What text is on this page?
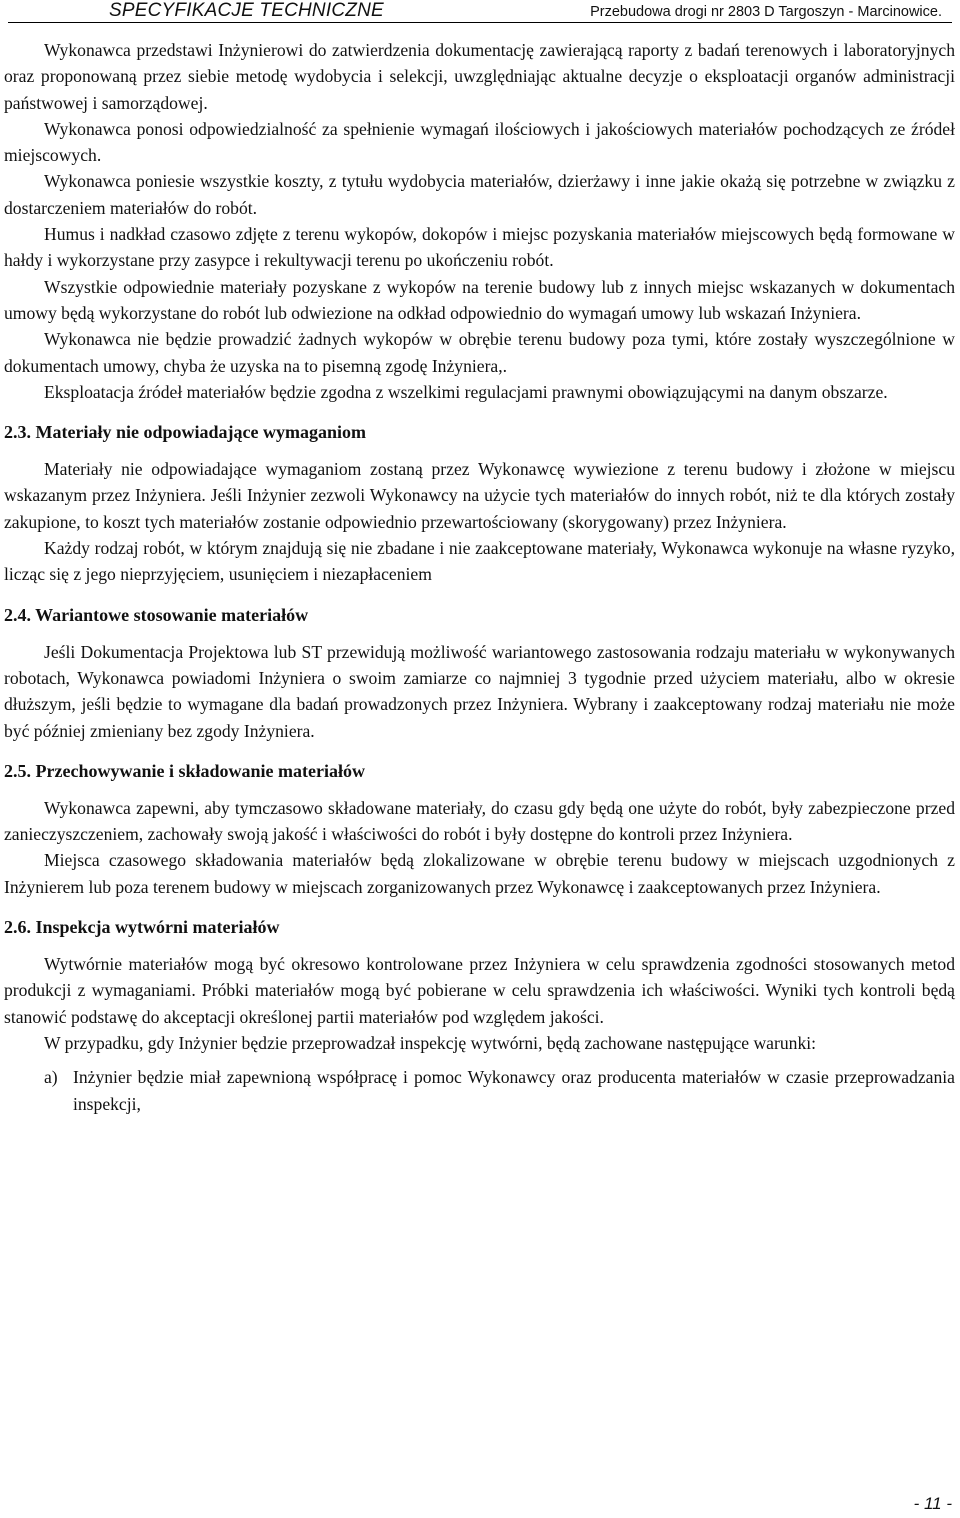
SPECYFIKACJE TECHNICZNE	Przebudowa drogi nr 2803 D Targoszyn - Marcinowice.

Wykonawca przedstawi Inżynierowi do zatwierdzenia dokumentację zawierającą raporty z badań terenowych i laboratoryjnych oraz proponowaną przez siebie metodę wydobycia i selekcji, uwzględniając aktualne decyzje o eksploatacji organów administracji państwowej i samorządowej.

Wykonawca ponosi odpowiedzialność za spełnienie wymagań ilościowych i jakościowych materiałów pochodzących ze źródeł miejscowych.

Wykonawca poniesie wszystkie koszty, z tytułu wydobycia materiałów, dzierżawy i inne jakie okażą się potrzebne w związku z dostarczeniem materiałów do robót.

Humus i nadkład czasowo zdjęte z terenu wykopów, dokopów i miejsc pozyskania materiałów miejscowych będą formowane w hałdy i wykorzystane przy zasypce i rekultywacji terenu po ukończeniu robót.

Wszystkie odpowiednie materiały pozyskane z wykopów na terenie budowy lub z innych miejsc wskazanych w dokumentach umowy będą wykorzystane do robót lub odwiezione na odkład odpowiednio do wymagań umowy lub wskazań Inżyniera.

Wykonawca nie będzie prowadzić żadnych wykopów w obrębie terenu budowy poza tymi, które zostały wyszczególnione w dokumentach umowy, chyba że uzyska na to pisemną zgodę Inżyniera,.

Eksploatacja źródeł materiałów będzie zgodna z wszelkimi regulacjami prawnymi obowiązującymi na danym obszarze.

2.3. Materiały nie odpowiadające wymaganiom

Materiały nie odpowiadające wymaganiom zostaną przez Wykonawcę wywiezione z terenu budowy i złożone w miejscu wskazanym przez Inżyniera. Jeśli Inżynier zezwoli Wykonawcy na użycie tych materiałów do innych robót, niż te dla których zostały zakupione, to koszt tych materiałów zostanie odpowiednio przewartościowany (skorygowany) przez Inżyniera.

Każdy rodzaj robót, w którym znajdują się nie zbadane i nie zaakceptowane materiały, Wykonawca wykonuje na własne ryzyko, licząc się z jego nieprzyjęciem, usunięciem i niezapłaceniem

2.4. Wariantowe stosowanie materiałów

Jeśli Dokumentacja Projektowa lub ST przewidują możliwość wariantowego zastosowania rodzaju materiału w wykonywanych robotach, Wykonawca powiadomi Inżyniera o swoim zamiarze co najmniej 3 tygodnie przed użyciem materiału, albo w okresie dłuższym, jeśli będzie to wymagane dla badań prowadzonych przez Inżyniera. Wybrany i zaakceptowany rodzaj materiału nie może być później zmieniany bez zgody Inżyniera.

2.5. Przechowywanie i składowanie materiałów

Wykonawca zapewni, aby tymczasowo składowane materiały, do czasu gdy będą one użyte do robót, były zabezpieczone przed zanieczyszczeniem, zachowały swoją jakość i właściwości do robót i były dostępne do kontroli przez Inżyniera.

Miejsca czasowego składowania materiałów będą zlokalizowane w obrębie terenu budowy w miejscach uzgodnionych z Inżynierem lub poza terenem budowy w miejscach zorganizowanych przez Wykonawcę i zaakceptowanych przez Inżyniera.

2.6. Inspekcja wytwórni materiałów

Wytwórnie materiałów mogą być okresowo kontrolowane przez Inżyniera w celu sprawdzenia zgodności stosowanych metod produkcji z wymaganiami. Próbki materiałów mogą być pobierane w celu sprawdzenia ich właściwości. Wyniki tych kontroli będą stanowić podstawę do akceptacji określonej partii materiałów pod względem jakości.

W przypadku, gdy Inżynier będzie przeprowadzał inspekcję wytwórni, będą zachowane następujące warunki:

a) Inżynier będzie miał zapewnioną współpracę i pomoc Wykonawcy oraz producenta materiałów w czasie przeprowadzania inspekcji,
- 11 -
